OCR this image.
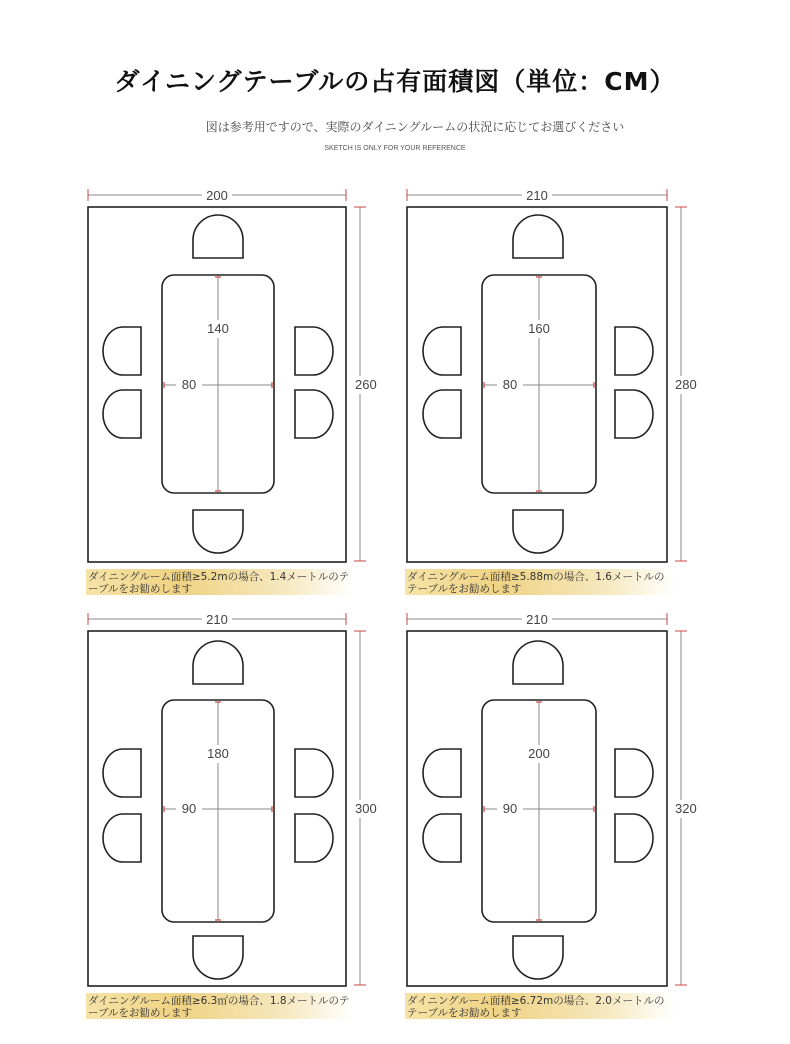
ダイニングテーブルの占有面積図（単位：CM）
図は参考用ですので、実際のダイニングルームの状況に応じてお選びください
SKETCH IS ONLY FOR YOUR REFERENCE
200
260
140
80
ダイニングルーム面積≥5.2mの場合、1.4メートルのテーブルをお勧めします
210
280
160
80
ダイニングルーム面積≥5.88mの場合、1.6メートルのテーブルをお勧めします
210
300
180
90
ダイニングルーム面積≥6.3㎡の場合、1.8メートルのテーブルをお勧めします
210
320
200
90
ダイニングルーム面積≥6.72mの場合、2.0メートルのテーブルをお勧めします
